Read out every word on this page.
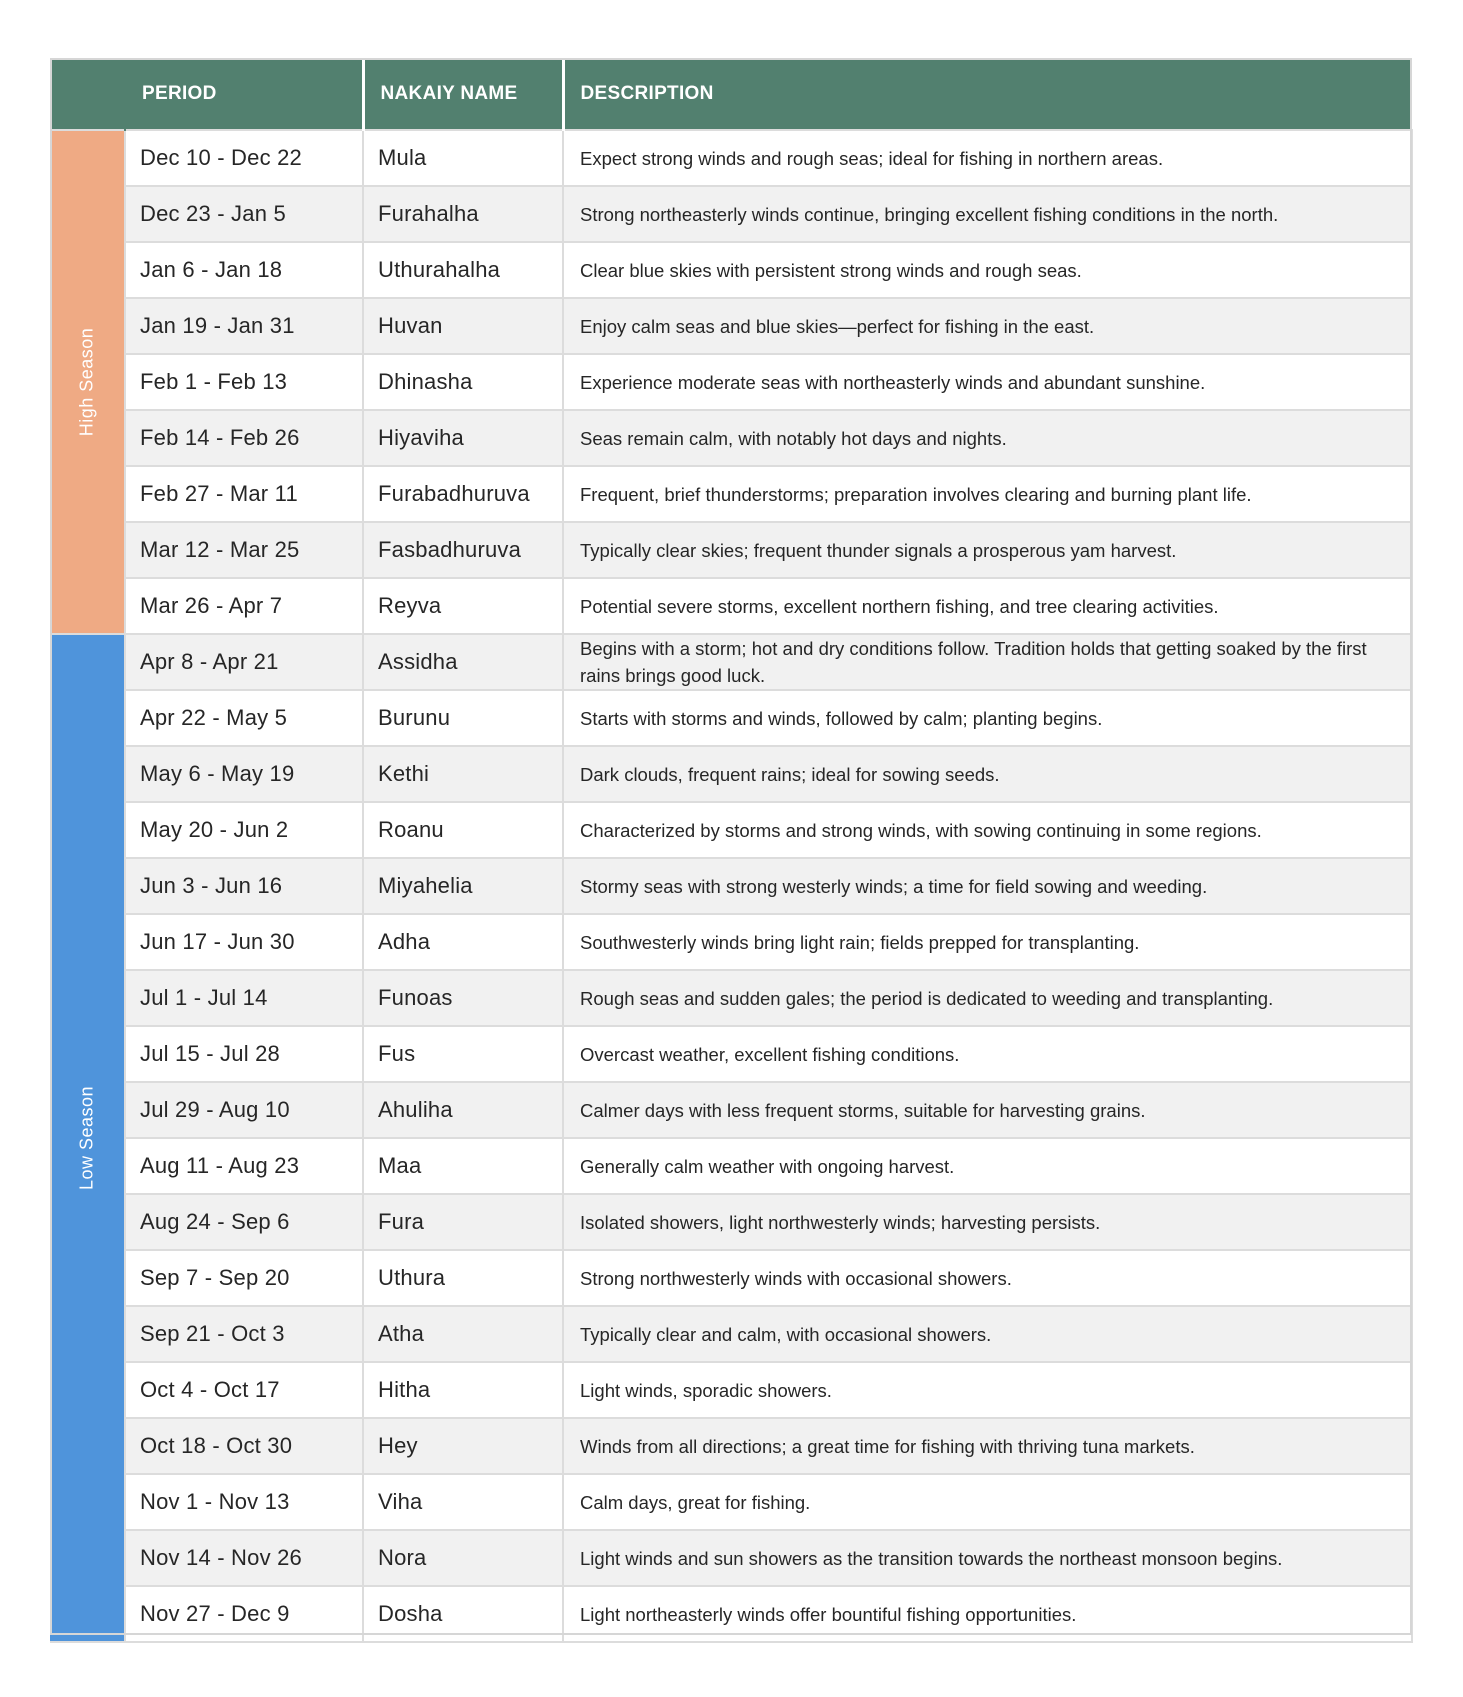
	PERIOD	NAKAIY NAME	DESCRIPTION

High Season	Dec 10 - Dec 22	Mula	Expect strong winds and rough seas; ideal for fishing in northern areas.
	Dec 23 - Jan 5	Furahalha	Strong northeasterly winds continue, bringing excellent fishing conditions in the north.
	Jan 6 - Jan 18	Uthurahalha	Clear blue skies with persistent strong winds and rough seas.
	Jan 19 - Jan 31	Huvan	Enjoy calm seas and blue skies—perfect for fishing in the east.
	Feb 1 - Feb 13	Dhinasha	Experience moderate seas with northeasterly winds and abundant sunshine.
	Feb 14 - Feb 26	Hiyaviha	Seas remain calm, with notably hot days and nights.
	Feb 27 - Mar 11	Furabadhuruva	Frequent, brief thunderstorms; preparation involves clearing and burning plant life.
	Mar 12 - Mar 25	Fasbadhuruva	Typically clear skies; frequent thunder signals a prosperous yam harvest.
	Mar 26 - Apr 7	Reyva	Potential severe storms, excellent northern fishing, and tree clearing activities.

Low Season	Apr 8 - Apr 21	Assidha	Begins with a storm; hot and dry conditions follow. Tradition holds that getting soaked by the first rains brings good luck.
	Apr 22 - May 5	Burunu	Starts with storms and winds, followed by calm; planting begins.
	May 6 - May 19	Kethi	Dark clouds, frequent rains; ideal for sowing seeds.
	May 20 - Jun 2	Roanu	Characterized by storms and strong winds, with sowing continuing in some regions.
	Jun 3 - Jun 16	Miyahelia	Stormy seas with strong westerly winds; a time for field sowing and weeding.
	Jun 17 - Jun 30	Adha	Southwesterly winds bring light rain; fields prepped for transplanting.
	Jul 1 - Jul 14	Funoas	Rough seas and sudden gales; the period is dedicated to weeding and transplanting.
	Jul 15 - Jul 28	Fus	Overcast weather, excellent fishing conditions.
	Jul 29 - Aug 10	Ahuliha	Calmer days with less frequent storms, suitable for harvesting grains.
	Aug 11 - Aug 23	Maa	Generally calm weather with ongoing harvest.
	Aug 24 - Sep 6	Fura	Isolated showers, light northwesterly winds; harvesting persists.
	Sep 7 - Sep 20	Uthura	Strong northwesterly winds with occasional showers.
	Sep 21 - Oct 3	Atha	Typically clear and calm, with occasional showers.
	Oct 4 - Oct 17	Hitha	Light winds, sporadic showers.
	Oct 18 - Oct 30	Hey	Winds from all directions; a great time for fishing with thriving tuna markets.
	Nov 1 - Nov 13	Viha	Calm days, great for fishing.
	Nov 14 - Nov 26	Nora	Light winds and sun showers as the transition towards the northeast monsoon begins.
	Nov 27 - Dec 9	Dosha	Light northeasterly winds offer bountiful fishing opportunities.
